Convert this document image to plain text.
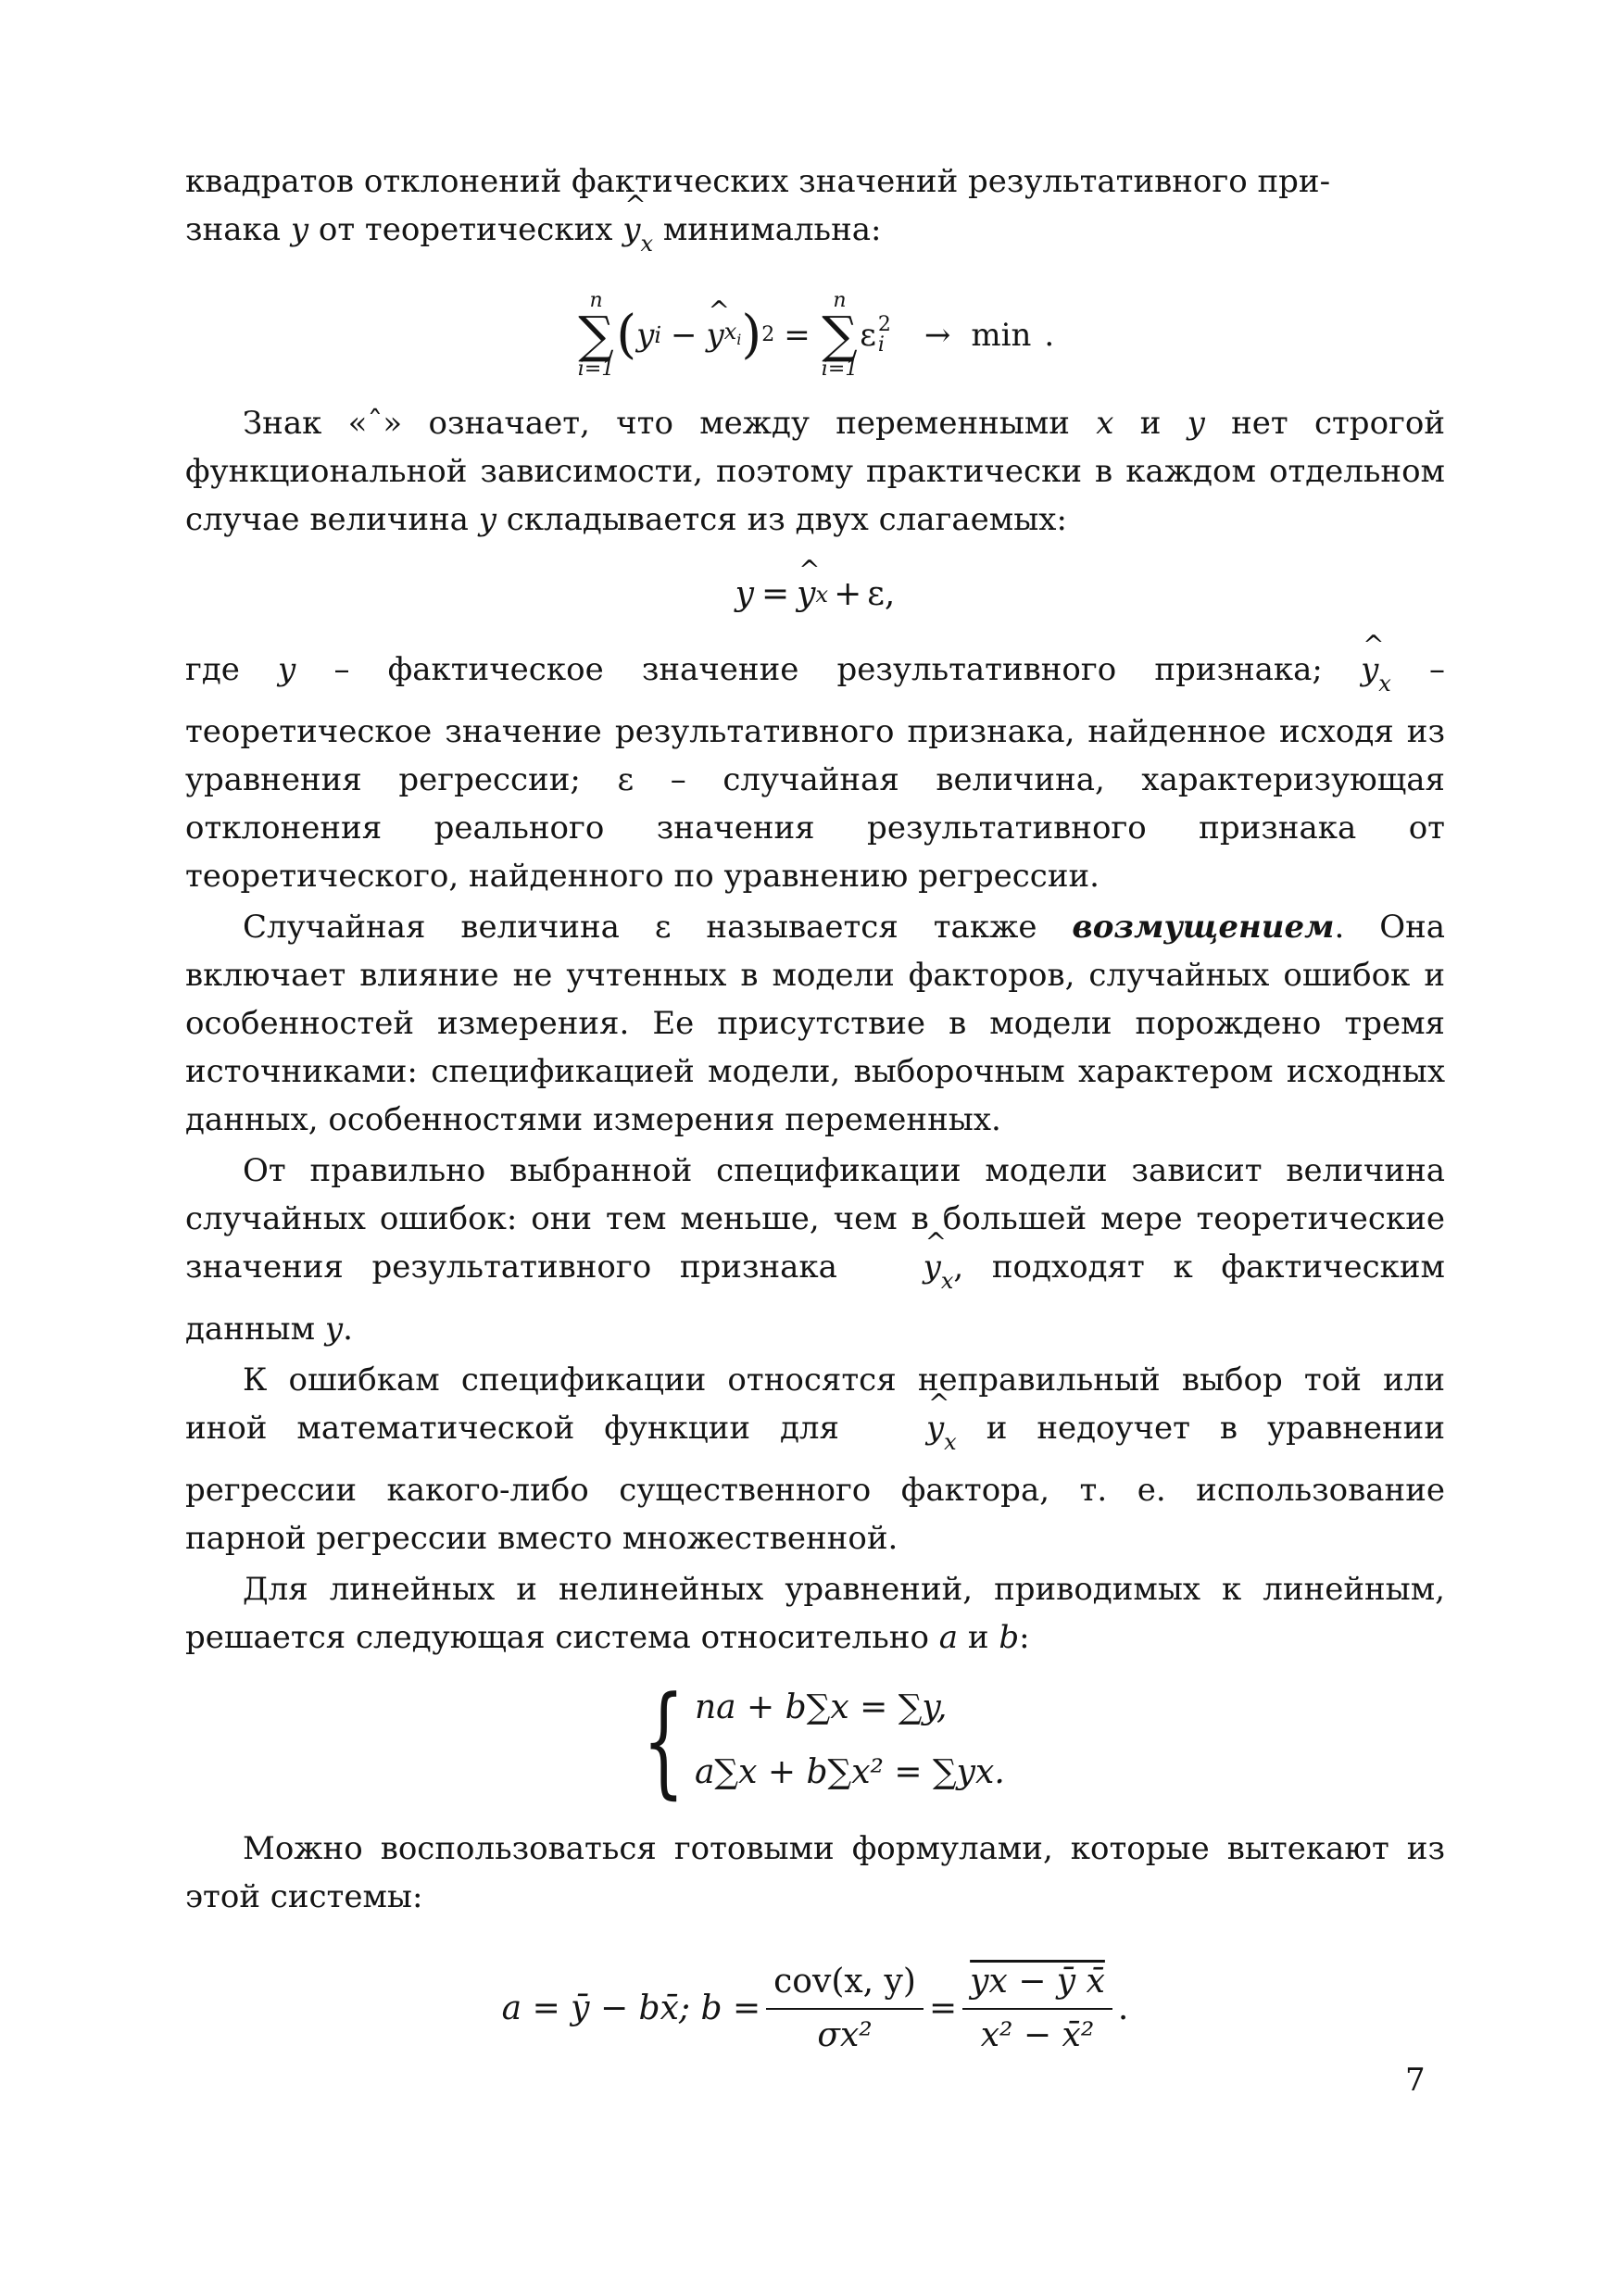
квадратов отклонений фактических значений результативного при-
знака y от теоретических ^ $y_x$ минимальна:

n
∑
i=1
( y i − ^ y $x_i$ ) 2 =
n
∑
i=1
ε 2
i → min .

Знак «ˆ» означает, что между переменными x и y нет строгой функциональной зависимости, поэтому практически в каждом отдельном случае величина y складывается из двух слагаемых:

y = ^ y x + ε ,

где y – фактическое значение результативного признака; ^ $y_x$ – теоретическое значение результативного признака, найденное исходя из уравнения регрессии; ε – случайная величина, характеризующая отклонения реального значения результативного признака от теоретического, найденного по уравнению регрессии.

Случайная величина ε называется также возмущением. Она включает влияние не учтенных в модели факторов, случайных ошибок и особенностей измерения. Ее присутствие в модели порождено тремя источниками: спецификацией модели, выборочным характером исходных данных, особенностями измерения переменных.

От правильно выбранной спецификации модели зависит величина случайных ошибок: они тем меньше, чем в большей мере теоретические значения результативного признака	^ $y_x$, подходят к фактическим данным y.

К ошибкам спецификации относятся неправильный выбор той или иной математической функции для	^ $y_x$ и недоучет в уравнении регрессии какого-либо существенного фактора, т. е. использование парной регрессии вместо множественной.

Для линейных и нелинейных уравнений, приводимых к линейным, решается следующая система относительно a и b:

{ na + b∑x = ∑y,
a∑x + b∑x² = ∑yx.

Можно воспользоваться готовыми формулами, которые вытекают из этой системы:

a = ȳ − bx̄; $b = \frac{\text{cov(x, y)}}{\text{σx²}} = \frac{\text{yx − ȳ x̄}}{\text{x² − x̄²}}$ .
7
